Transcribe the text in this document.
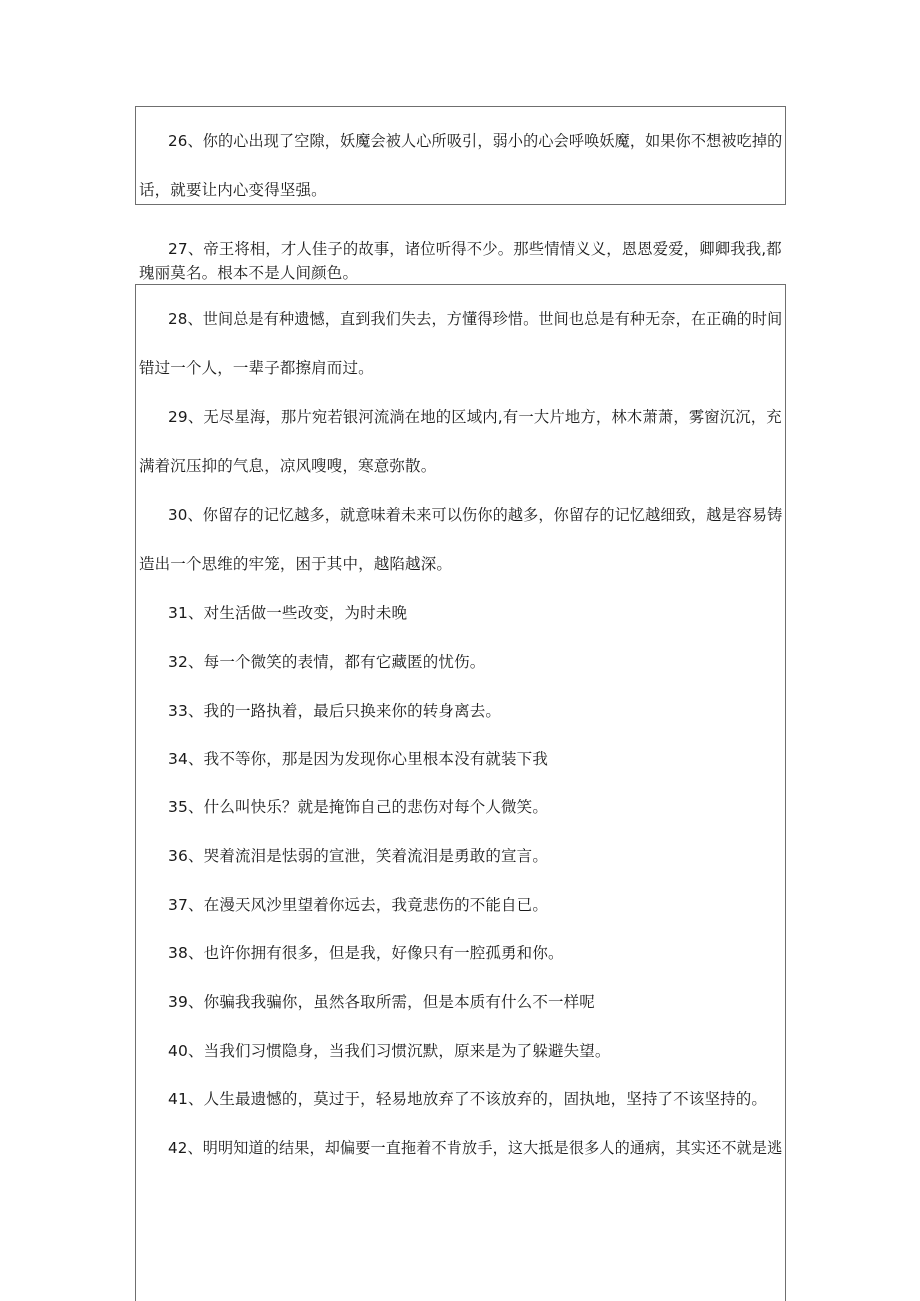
26、你的心出现了空隙，妖魔会被人心所吸引，弱小的心会呼唤妖魔，如果你不想被吃掉的

话，就要让内心变得坚强。

27、帝王将相，才人佳子的故事，诸位听得不少。那些情情义义，恩恩爱爱，卿卿我我,都

瑰丽莫名。根本不是人间颜色。

28、世间总是有种遗憾，直到我们失去，方懂得珍惜。世间也总是有种无奈，在正确的时间

错过一个人，一辈子都擦肩而过。

29、无尽星海，那片宛若银河流淌在地的区域内,有一大片地方，林木萧萧，雾窗沉沉，充

满着沉压抑的气息，凉风嗖嗖，寒意弥散。

30、你留存的记忆越多，就意味着未来可以伤你的越多，你留存的记忆越细致，越是容易铸

造出一个思维的牢笼，困于其中，越陷越深。

31、对生活做一些改变，为时未晚

32、每一个微笑的表情，都有它藏匿的忧伤。

33、我的一路执着，最后只换来你的转身离去。

34、我不等你，那是因为发现你心里根本没有就装下我

35、什么叫快乐？就是掩饰自己的悲伤对每个人微笑。

36、哭着流泪是怯弱的宣泄，笑着流泪是勇敢的宣言。

37、在漫天风沙里望着你远去，我竟悲伤的不能自已。

38、也许你拥有很多，但是我，好像只有一腔孤勇和你。

39、你骗我我骗你，虽然各取所需，但是本质有什么不一样呢

40、当我们习惯隐身，当我们习惯沉默，原来是为了躲避失望。

41、人生最遗憾的，莫过于，轻易地放弃了不该放弃的，固执地，坚持了不该坚持的。

42、明明知道的结果，却偏要一直拖着不肯放手，这大抵是很多人的通病，其实还不就是逃
